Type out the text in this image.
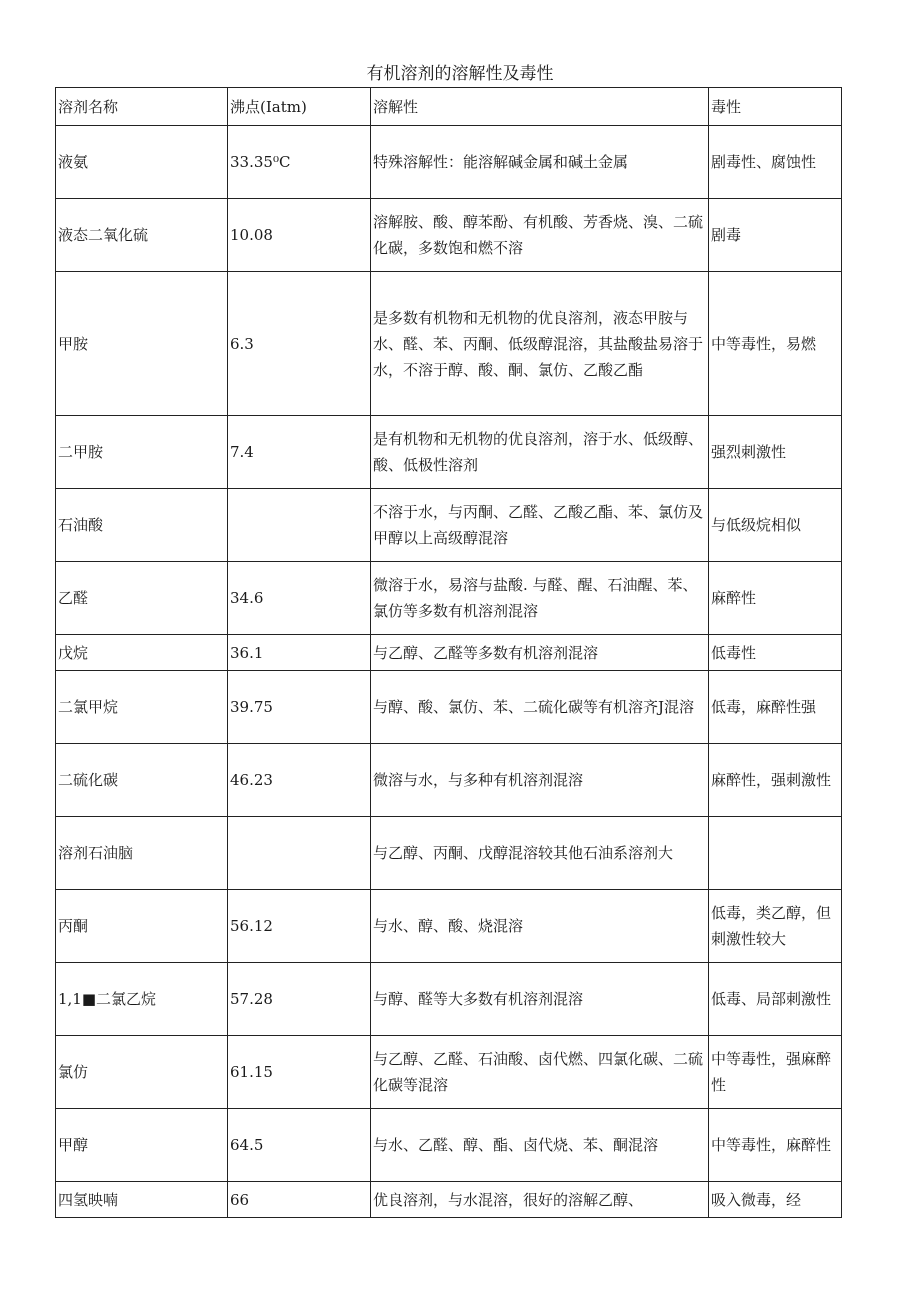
有机溶剂的溶解性及毒性
溶剂名称	沸点(Iatm)	溶解性	毒性
液氨	33.35⁰C	特殊溶解性：能溶解碱金属和碱土金属	剧毒性、腐蚀性
液态二氧化硫	10.08	溶解胺、酸、醇苯酚、有机酸、芳香烧、溴、二硫化碳，多数饱和燃不溶	剧毒
甲胺	6.3	是多数有机物和无机物的优良溶剂，液态甲胺与水、醛、苯、丙酮、低级醇混溶，其盐酸盐易溶于水，不溶于醇、酸、酮、氯仿、乙酸乙酯	中等毒性，易燃
二甲胺	7.4	是有机物和无机物的优良溶剂，溶于水、低级醇、酸、低极性溶剂	强烈刺激性
石油酸		不溶于水，与丙酮、乙醛、乙酸乙酯、苯、氯仿及甲醇以上高级醇混溶	与低级烷相似
乙醛	34.6	微溶于水，易溶与盐酸. 与醛、醒、石油醒、苯、氯仿等多数有机溶剂混溶	麻醉性
戊烷	36.1	与乙醇、乙醛等多数有机溶剂混溶	低毒性
二氯甲烷	39.75	与醇、酸、氯仿、苯、二硫化碳等有机溶齐J混溶	低毒，麻醉性强
二硫化碳	46.23	微溶与水，与多种有机溶剂混溶	麻醉性，强刺激性
溶剂石油脑		与乙醇、丙酮、戊醇混溶较其他石油系溶剂大	
丙酮	56.12	与水、醇、酸、烧混溶	低毒，类乙醇，但刺激性较大
1,1■二氯乙烷	57.28	与醇、醛等大多数有机溶剂混溶	低毒、局部刺激性
氯仿	61.15	与乙醇、乙醛、石油酸、卤代燃、四氯化碳、二硫化碳等混溶	中等毒性，强麻醉性
甲醇	64.5	与水、乙醛、醇、酯、卤代烧、苯、酮混溶	中等毒性，麻醉性
四氢映喃	66	优良溶剂，与水混溶，很好的溶解乙醇、	吸入微毒，经
